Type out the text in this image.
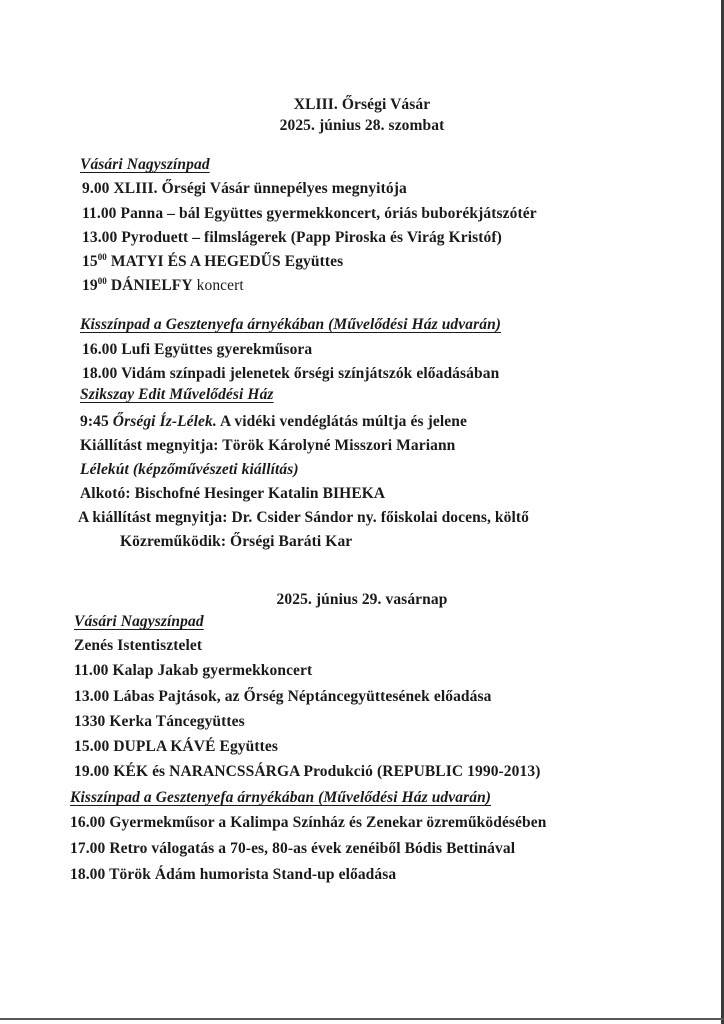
XLIII. Őrségi Vásár
2025. június 28. szombat
Vásári Nagyszínpad
9.00 XLIII. Őrségi Vásár ünnepélyes megnyitója
11.00 Panna – bál Együttes gyermekkoncert, óriás buborékjátszótér
13.00 Pyroduett – filmslágerek (Papp Piroska és Virág Kristóf)
$15^{00}$ MATYI ÉS A HEGEDŰS Együttes
$19^{00}$ DÁNIELFY koncert
Kisszínpad a Gesztenyefa árnyékában (Művelődési Ház udvarán)
16.00 Lufi Együttes gyerekműsora
18.00 Vidám színpadi jelenetek őrségi színjátszók előadásában
Szikszay Edit Művelődési Ház
9:45 Őrségi Íz-Lélek. A vidéki vendéglátás múltja és jelene
Kiállítást megnyitja: Török Károlyné Misszori Mariann
Lélekút (képzőművészeti kiállítás)
Alkotó: Bischofné Hesinger Katalin BIHEKA
A kiállítást megnyitja: Dr. Csider Sándor ny. főiskolai docens, költő
Közreműködik: Őrségi Baráti Kar
2025. június 29. vasárnap
Vásári Nagyszínpad
Zenés Istentisztelet
11.00 Kalap Jakab gyermekkoncert
13.00 Lábas Pajtások, az Őrség Néptáncegyüttesének előadása
1330 Kerka Táncegyüttes
15.00 DUPLA KÁVÉ Együttes
19.00 KÉK és NARANCSSÁRGA Produkció (REPUBLIC 1990-2013)
Kisszínpad a Gesztenyefa árnyékában (Művelődési Ház udvarán)
16.00 Gyermekműsor a Kalimpa Színház és Zenekar özreműködésében
17.00 Retro válogatás a 70-es, 80-as évek zenéiből Bódis Bettinával
18.00 Török Ádám humorista Stand-up előadása
